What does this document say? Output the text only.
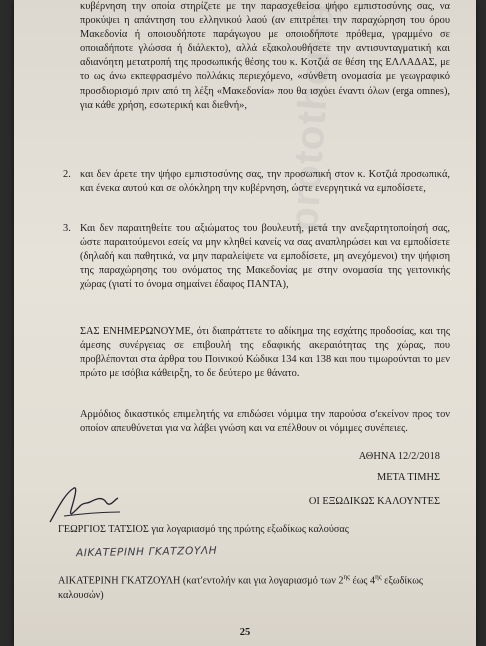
protothema

κυβέρνηση την οποία στηρίζετε με την παρασχεθείσα ψήφο εμπιστοσύνης σας, να προκύψει η απάντηση του ελληνικού λαού (αν επιτρέπει την παραχώρηση του όρου Μακεδονία ή οποιουδήποτε παράγωγου με οποιοδήποτε πρόθεμα, γραμμένο σε οποιαδήποτε γλώσσα ή διάλεκτο), αλλά εξακολουθήσετε την αντισυνταγματική και αδιανόητη μετατροπή της προσωπικής θέσης του κ. Κοτζιά σε θέση της ΕΛΛΑΔΑΣ, με το ως άνω εκπεφρασμένο πολλάκις περιεχόμενο, «σύνθετη ονομασία με γεωγραφικό προσδιορισμό πριν από τη λέξη «Μακεδονία» που θα ισχύει έναντι όλων (erga omnes), για κάθε χρήση, εσωτερική και διεθνή»,

2. και δεν άρετε την ψήφο εμπιστοσύνης σας, την προσωπική στον κ. Κοτζιά προσωπικά, και ένεκα αυτού και σε ολόκληρη την κυβέρνηση, ώστε ενεργητικά να εμποδίσετε,

3. Και δεν παραιτηθείτε του αξιώματος του βουλευτή, μετά την ανεξαρτητοποίησή σας, ώστε παραιτούμενοι εσείς να μην κληθεί κανείς να σας αναπληρώσει και να εμποδίσετε (δηλαδή και παθητικά, να μην παραλείψετε να εμποδίσετε, μη ανεχόμενοι) την ψήφιση της παραχώρησης του ονόματος της Μακεδονίας με στην ονομασία της γειτονικής χώρας (γιατί το όνομα σημαίνει έδαφος ΠΑΝΤΑ),

ΣΑΣ ΕΝΗΜΕΡΩΝΟΥΜΕ, ότι διαπράττετε το αδίκημα της εσχάτης προδοσίας, και της άμεσης συνέργειας σε επιβουλή της εδαφικής ακεραιότητας της χώρας, που προβλέπονται στα άρθρα του Ποινικού Κώδικα 134 και 138 και που τιμωρούνται το μεν πρώτο με ισόβια κάθειρξη, το δε δεύτερο με θάνατο.

Αρμόδιος δικαστικός επιμελητής να επιδώσει νόμιμα την παρούσα σ'εκείνον προς τον οποίον απευθύνεται για να λάβει γνώση και να επέλθουν οι νόμιμες συνέπειες.

ΑΘΗΝΑ 12/2/2018
ΜΕΤΑ ΤΙΜΗΣ
ΟΙ ΕΞΩΔΙΚΩΣ ΚΑΛΟΥΝΤΕΣ
ΓΕΩΡΓΙΟΣ ΤΑΤΣΙΟΣ για λογαριασμό της πρώτης εξωδίκως καλούσας
ΑΙΚΑΤΕΡΙΝΗ ΓΚΑΤΖΟΥΛΗ
ΑΙΚΑΤΕΡΙΝΗ ΓΚΑΤΖΟΥΛΗ (κατ'εντολήν και για λογαριασμό των $2^{\eta\varsigma}$ έως $4^{\eta\varsigma}$ εξωδίκως καλουσών)
25
